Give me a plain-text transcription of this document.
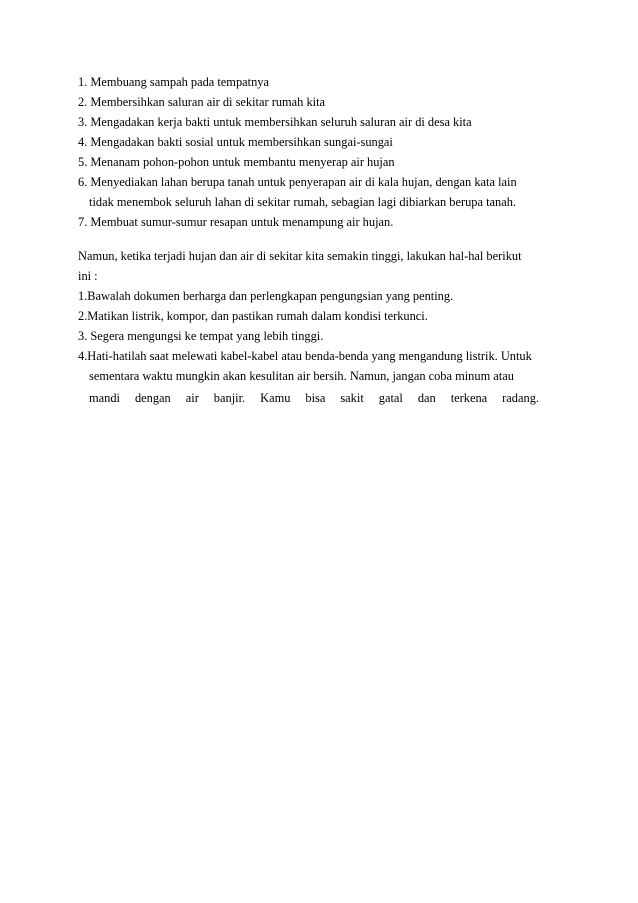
1. Membuang sampah pada tempatnya
2. Membersihkan saluran air di sekitar rumah kita
3. Mengadakan kerja bakti untuk membersihkan seluruh saluran air di desa kita
4. Mengadakan bakti sosial untuk membersihkan sungai-sungai
5. Menanam pohon-pohon untuk membantu menyerap air hujan
6. Menyediakan lahan berupa tanah untuk penyerapan air di kala hujan, dengan kata lain
tidak menembok seluruh lahan di sekitar rumah, sebagian lagi dibiarkan berupa tanah.
7. Membuat sumur-sumur resapan untuk menampung air hujan.
Namun, ketika terjadi hujan dan air di sekitar kita semakin tinggi, lakukan hal-hal berikut
ini :
1.Bawalah dokumen berharga dan perlengkapan pengungsian yang penting.
2.Matikan listrik, kompor, dan pastikan rumah dalam kondisi terkunci.
3. Segera mengungsi ke tempat yang lebih tinggi.
4.Hati-hatilah saat melewati kabel-kabel atau benda-benda yang mengandung listrik. Untuk
sementara waktu mungkin akan kesulitan air bersih. Namun, jangan coba minum atau
mandi dengan air banjir. Kamu bisa sakit gatal dan terkena radang.
